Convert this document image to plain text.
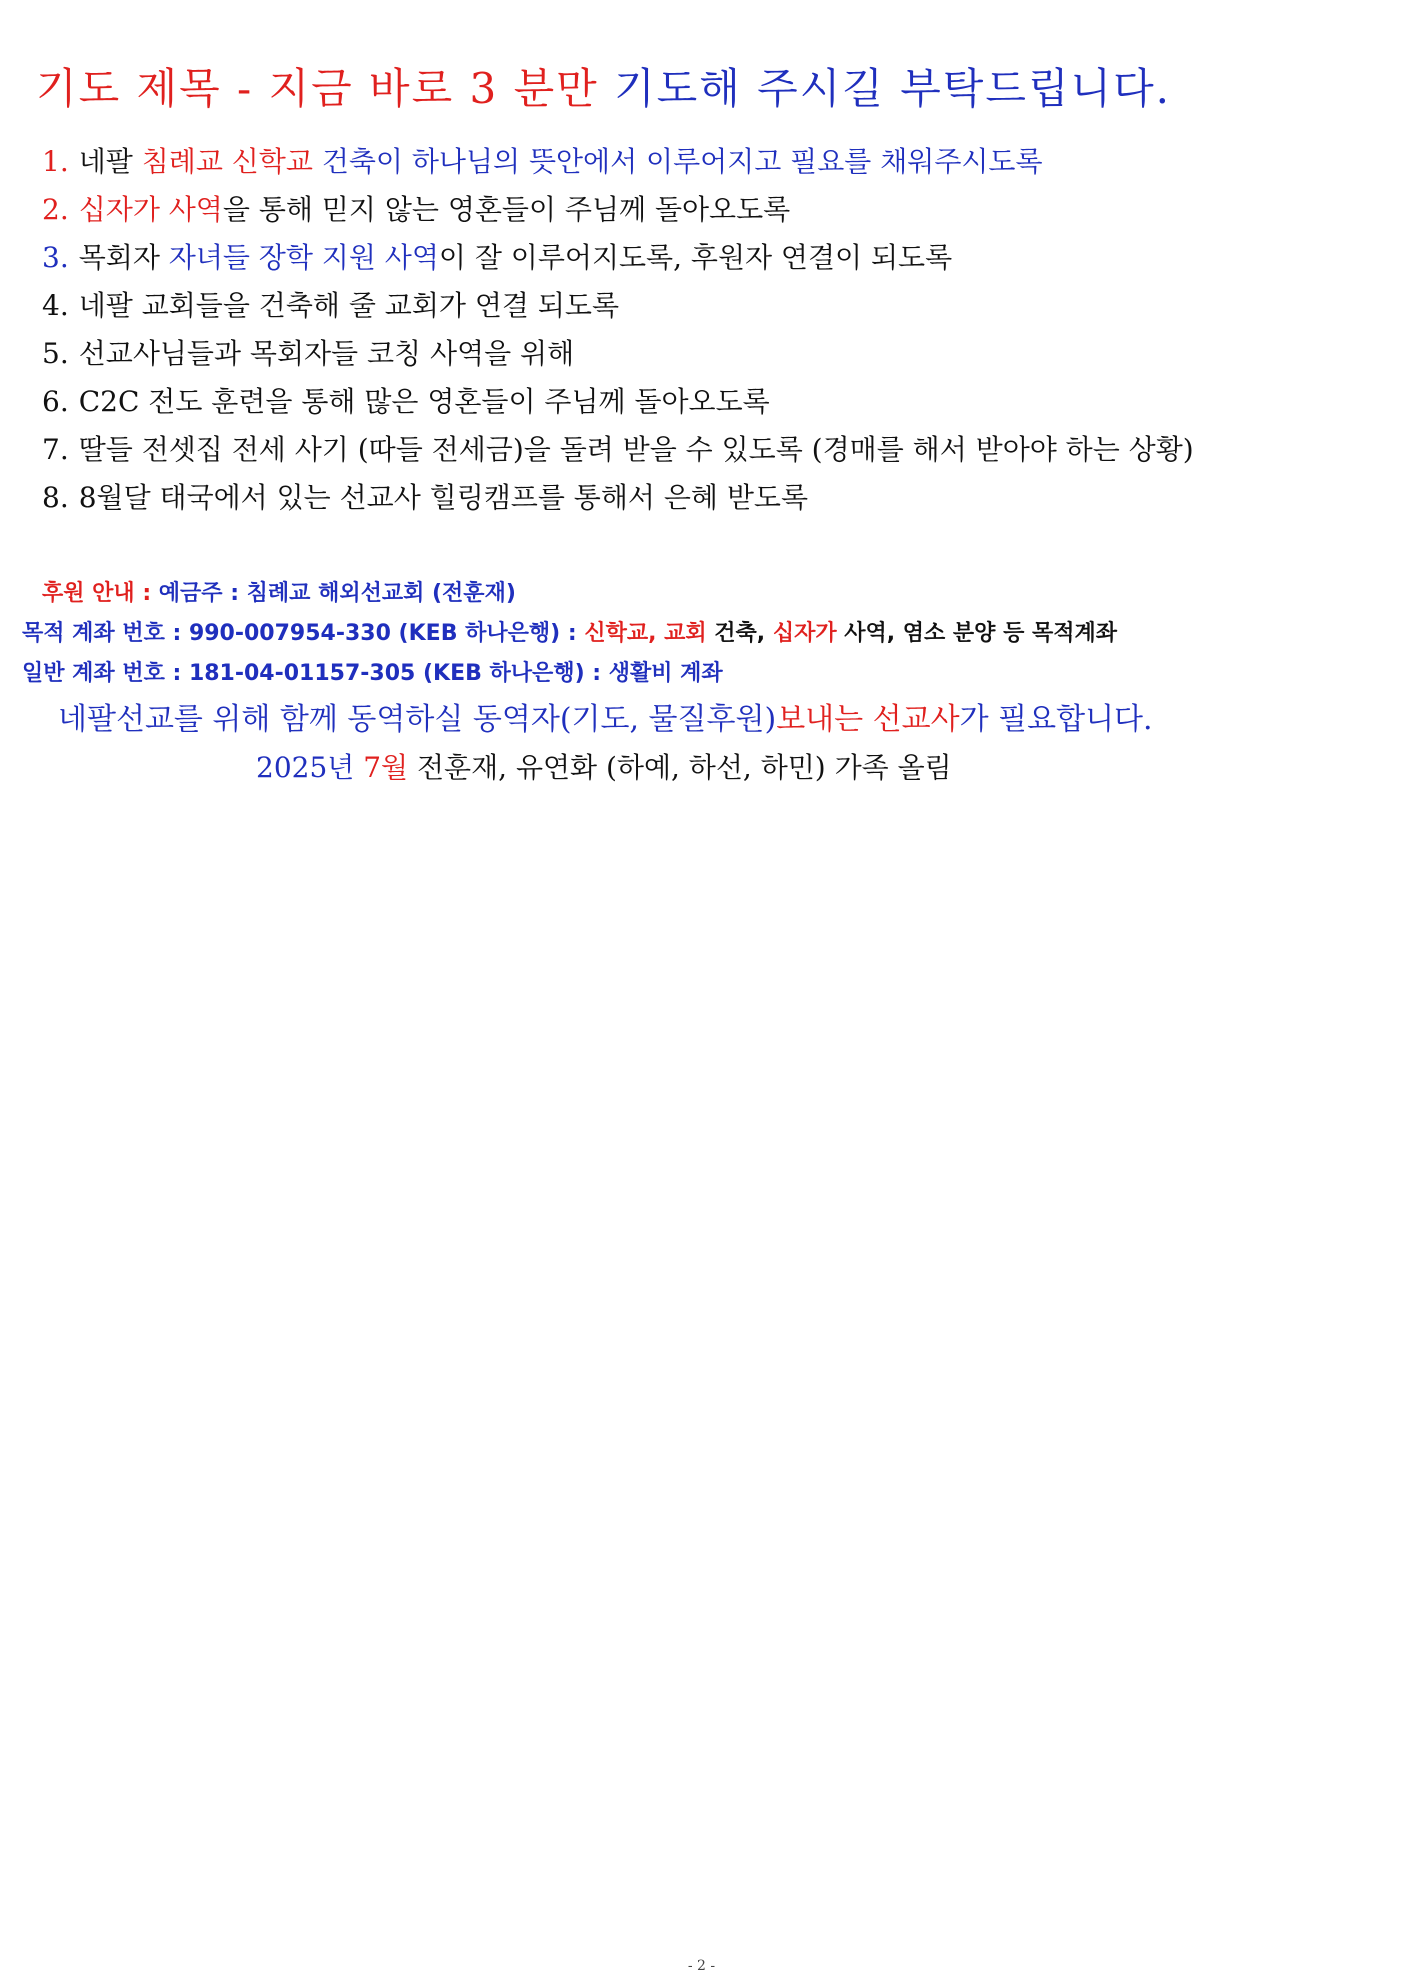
기도 제목 - 지금 바로 3 분만 기도해 주시길 부탁드립니다.
1. 네팔 침례교 신학교 건축이 하나님의 뜻안에서 이루어지고 필요를 채워주시도록
2. 십자가 사역을 통해 믿지 않는 영혼들이 주님께 돌아오도록
3. 목회자 자녀들 장학 지원 사역이 잘 이루어지도록, 후원자 연결이 되도록
4. 네팔 교회들을 건축해 줄 교회가 연결 되도록
5. 선교사님들과 목회자들 코칭 사역을 위해
6. C2C 전도 훈련을 통해 많은 영혼들이 주님께 돌아오도록
7. 딸들 전셋집 전세 사기 (따들 전세금)을 돌려 받을 수 있도록 (경매를 해서 받아야 하는 상황)
8. 8월달 태국에서 있는 선교사 힐링캠프를 통해서 은혜 받도록
후원 안내 : 예금주 : 침례교 해외선교회 (전훈재)
목적 계좌 번호 : 990-007954-330 (KEB 하나은행) : 신학교, 교회 건축, 십자가 사역, 염소 분양 등 목적계좌
일반 계좌 번호 : 181-04-01157-305 (KEB 하나은행) : 생활비 계좌
네팔선교를 위해 함께 동역하실 동역자(기도, 물질후원)보내는 선교사가 필요합니다.
2025년 7월 전훈재, 유연화 (하예, 하선, 하민) 가족 올림
- 2 -
